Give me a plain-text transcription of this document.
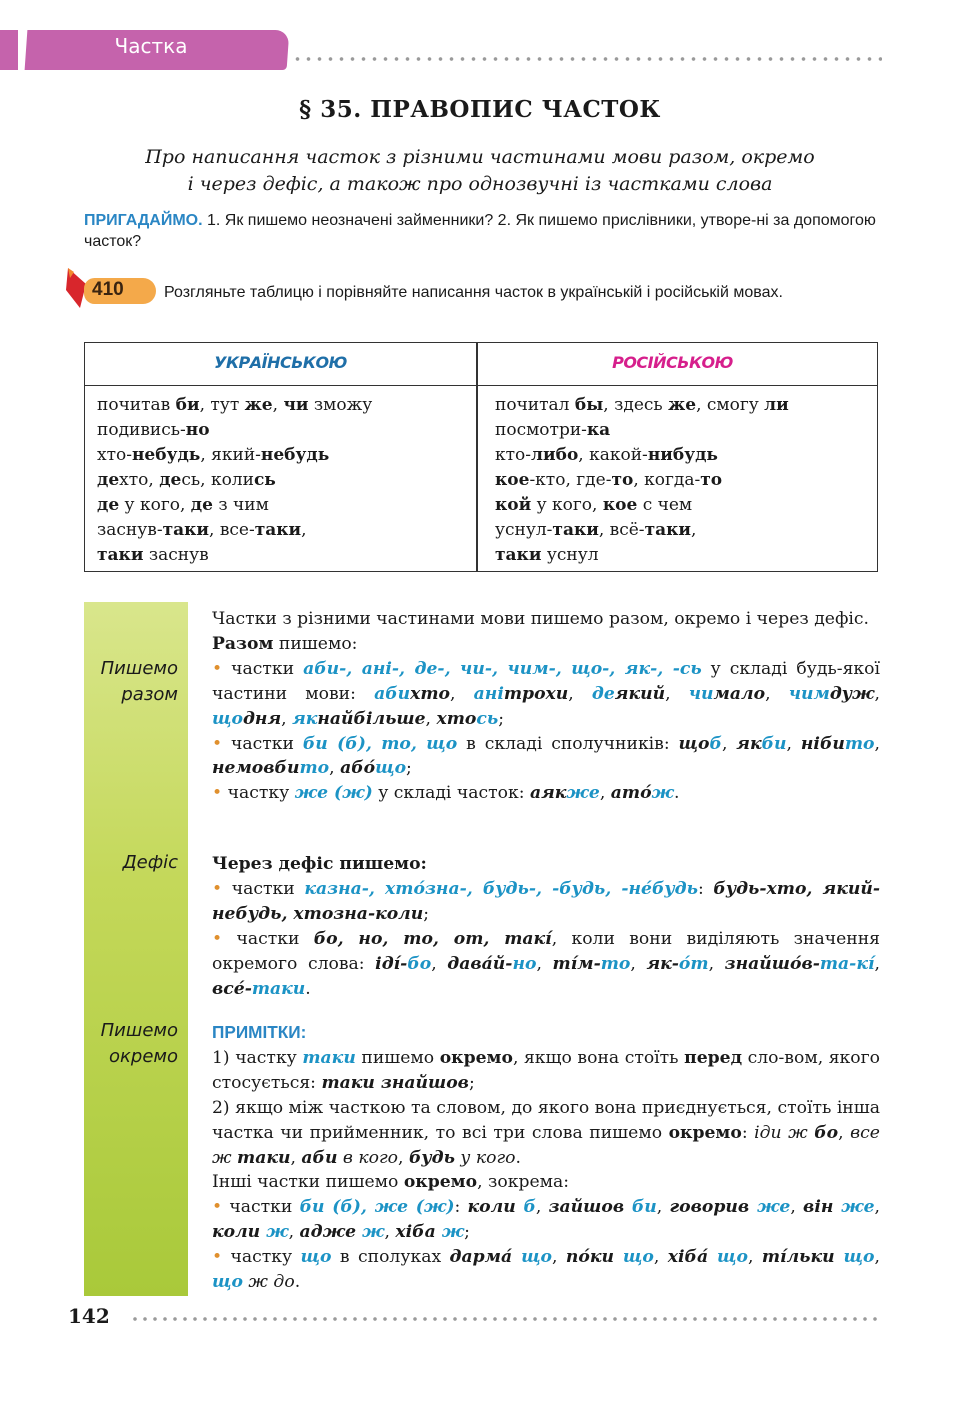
Частка
§ 35. ПРАВОПИС ЧАСТОК
Про написання часток з різними частинами мови разом, окремо
і через дефіс, а також про однозвучні із частками слова
ПРИГАДАЙМО. 1. Як пишемо неозначені займенники? 2. Як пишемо прислівники, утворе-ні за допомогою часток?
410	Розгляньте таблицю і порівняйте написання часток в українській і російській мовах.
УКРАЇНСЬКОЮ	РОСІЙСЬКОЮ
почитав би, тут же, чи зможу
подивись-но
хто-небудь, який-небудь
дехто, десь, колись
де у кого, де з чим
заснув-таки, все-таки,
таки заснув
почитал бы, здесь же, смогу ли
посмотри-ка
кто-либо, какой-нибудь
кое-кто, где-то, когда-то
кой у кого, кое с чем
уснул-таки, всё-таки,
таки уснул
Пишемо
разом
Дефіс
Пишемо
окремо

Частки з різними частинами мови пишемо разом, окремо і через дефіс.

Разом пишемо:

• частки аби-, ані-, де-, чи-, чим-, що-, як-, -сь у складі будь-якої частини мови: абихто, анітрохи, деякий, чимало, чимдуж, щодня, якнайбільше, хтось;

• частки би (б), то, що в складі сполучників: щоб, якби, нібито, немовбито, або́що;

• частку же (ж) у складі часток: аякже, ато́ж.

Через дефіс пишемо:

• частки казна-, хто́зна-, будь-, -будь, -не́будь: будь-хто, який-небудь, хтозна-коли;

• частки бо, но, то, от, такі́, коли вони виділяють значення окремого слова: іді́-бо, дава́й-но, ті́м-то, як-о́т, знайшо́в-та-кі́, все́-таки.

ПРИМІТКИ:

1) частку таки пишемо окремо, якщо вона стоїть перед сло-вом, якого стосується: таки знайшов;

2) якщо між часткою та словом, до якого вона приєднується, стоїть інша частка чи прийменник, то всі три слова пишемо окремо: іди ж бо, все ж таки, аби в кого, будь у кого.

Інші частки пишемо окремо, зокрема:

• частки би (б), же (ж): коли б, зайшов би, говорив же, він же, коли ж, адже ж, хіба ж;

• частку що в сполуках дарма́ що, по́ки що, хіба́ що, ті́льки що, що ж до.

142
